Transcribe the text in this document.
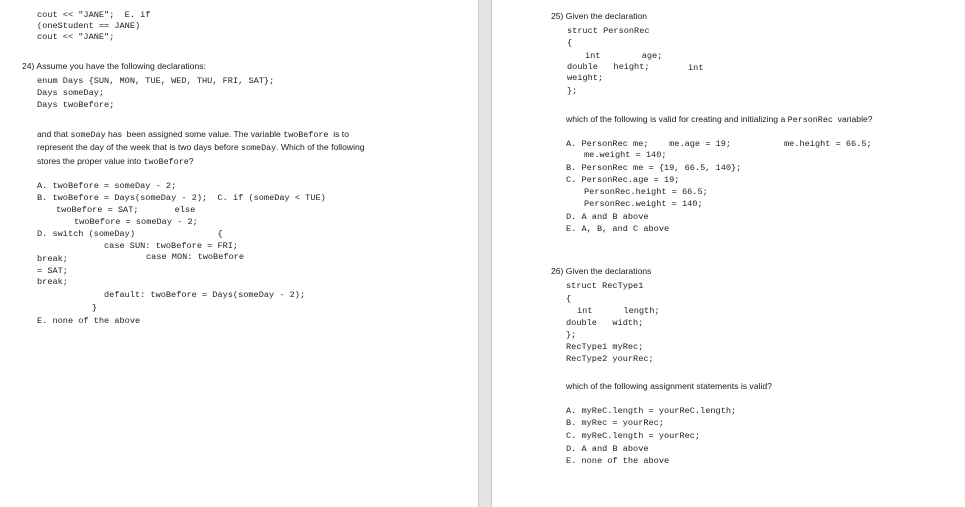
cout << "JANE";  E. if
(oneStudent == JANE)
cout << "JANE";
24) Assume you have the following declarations:
enum Days {SUN, MON, TUE, WED, THU, FRI, SAT};
Days someDay;
Days twoBefore;
and that someDay has  been assigned some value. The variable twoBefore  is to
represent the day of the week that is two days before someDay. Which of the following
stores the proper value into twoBefore?
A. twoBefore = someDay - 2;
B. twoBefore = Days(someDay - 2);  C. if (someDay < TUE)
twoBefore = SAT;       else
twoBefore = someDay - 2;
D. switch (someDay)                {
case SUN: twoBefore = FRI;
break;	case MON: twoBefore
= SAT;
break;
default: twoBefore = Days(someDay - 2);
}
E. none of the above
25) Given the declaration
struct PersonRec
{
int        age;
double   height;	int
weight;
};
which of the following is valid for creating and initializing a PersonRec  variable?
A. PersonRec me;    me.age = 19;	me.height = 66.5;
me.weight = 140;
B. PersonRec me = {19, 66.5, 140};
C. PersonRec.age = 19;
PersonRec.height = 66.5;
PersonRec.weight = 140;
D. A and B above
E. A, B, and C above
26) Given the declarations
struct RecType1
{
int      length;
double   width;
};
RecType1 myRec;
RecType2 yourRec;
which of the following assignment statements is valid?
A. myReC.length = yourReC.length;
B. myRec = yourRec;
C. myReC.length = yourRec;
D. A and B above
E. none of the above
